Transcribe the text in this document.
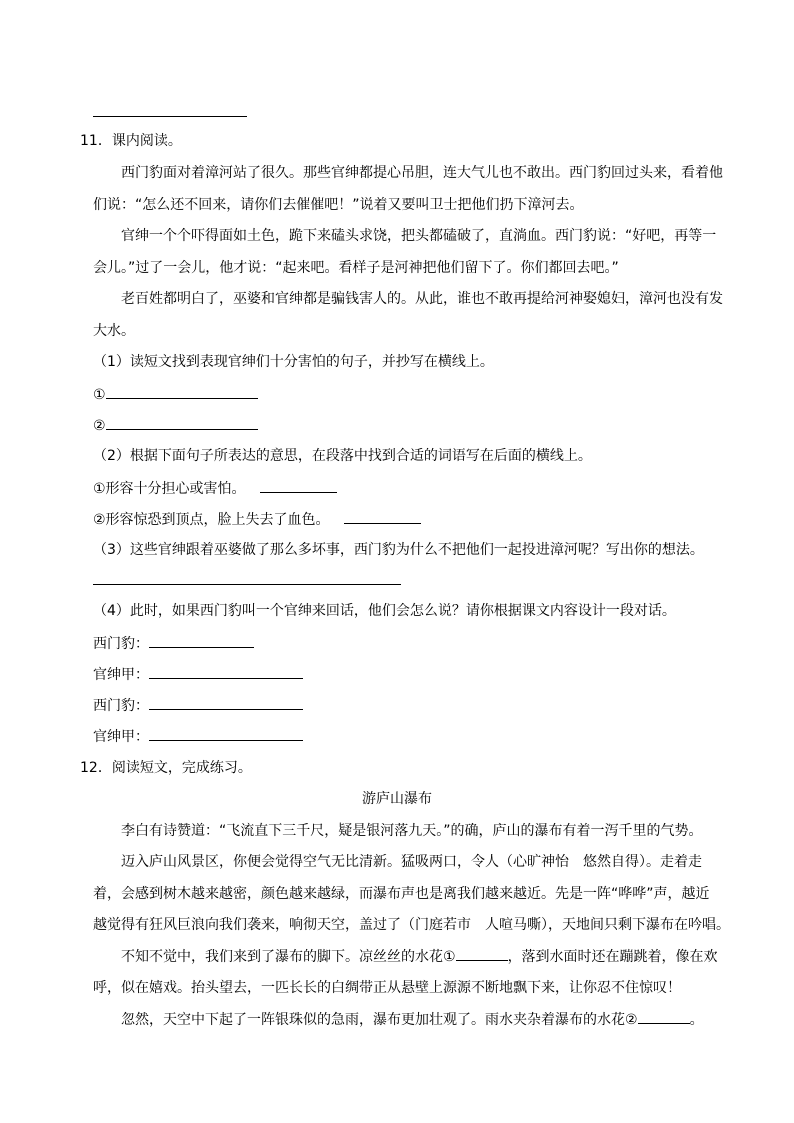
11．课内阅读。
西门豹面对着漳河站了很久。那些官绅都提心吊胆，连大气儿也不敢出。西门豹回过头来，看着他
们说：“怎么还不回来，请你们去催催吧！”说着又要叫卫士把他们扔下漳河去。
官绅一个个吓得面如土色，跪下来磕头求饶，把头都磕破了，直淌血。西门豹说：“好吧，再等一
会儿。”过了一会儿，他才说：“起来吧。看样子是河神把他们留下了。你们都回去吧。”
老百姓都明白了，巫婆和官绅都是骗钱害人的。从此，谁也不敢再提给河神娶媳妇，漳河也没有发
大水。
（1）读短文找到表现官绅们十分害怕的句子，并抄写在横线上。
①
②
（2）根据下面句子所表达的意思，在段落中找到合适的词语写在后面的横线上。
①形容十分担心或害怕。
②形容惊恐到顶点，脸上失去了血色。
（3）这些官绅跟着巫婆做了那么多坏事，西门豹为什么不把他们一起投进漳河呢？写出你的想法。
（4）此时，如果西门豹叫一个官绅来回话，他们会怎么说？请你根据课文内容设计一段对话。
西门豹：
官绅甲：
西门豹：
官绅甲：
12．阅读短文，完成练习。
游庐山瀑布
李白有诗赞道：“飞流直下三千尺，疑是银河落九天。”的确，庐山的瀑布有着一泻千里的气势。
迈入庐山风景区，你便会觉得空气无比清新。猛吸两口，令人（心旷神怡　悠然自得）。走着走
着，会感到树木越来越密，颜色越来越绿，而瀑布声也是离我们越来越近。先是一阵“哗哗”声，越近
越觉得有狂风巨浪向我们袭来，响彻天空，盖过了（门庭若市　人喧马嘶），天地间只剩下瀑布在吟唱。
不知不觉中，我们来到了瀑布的脚下。凉丝丝的水花①	，落到水面时还在蹦跳着，像在欢
呼，似在嬉戏。抬头望去，一匹长长的白绸带正从悬壁上源源不断地飘下来，让你忍不住惊叹！
忽然，天空中下起了一阵银珠似的急雨，瀑布更加壮观了。雨水夹杂着瀑布的水花②	。
